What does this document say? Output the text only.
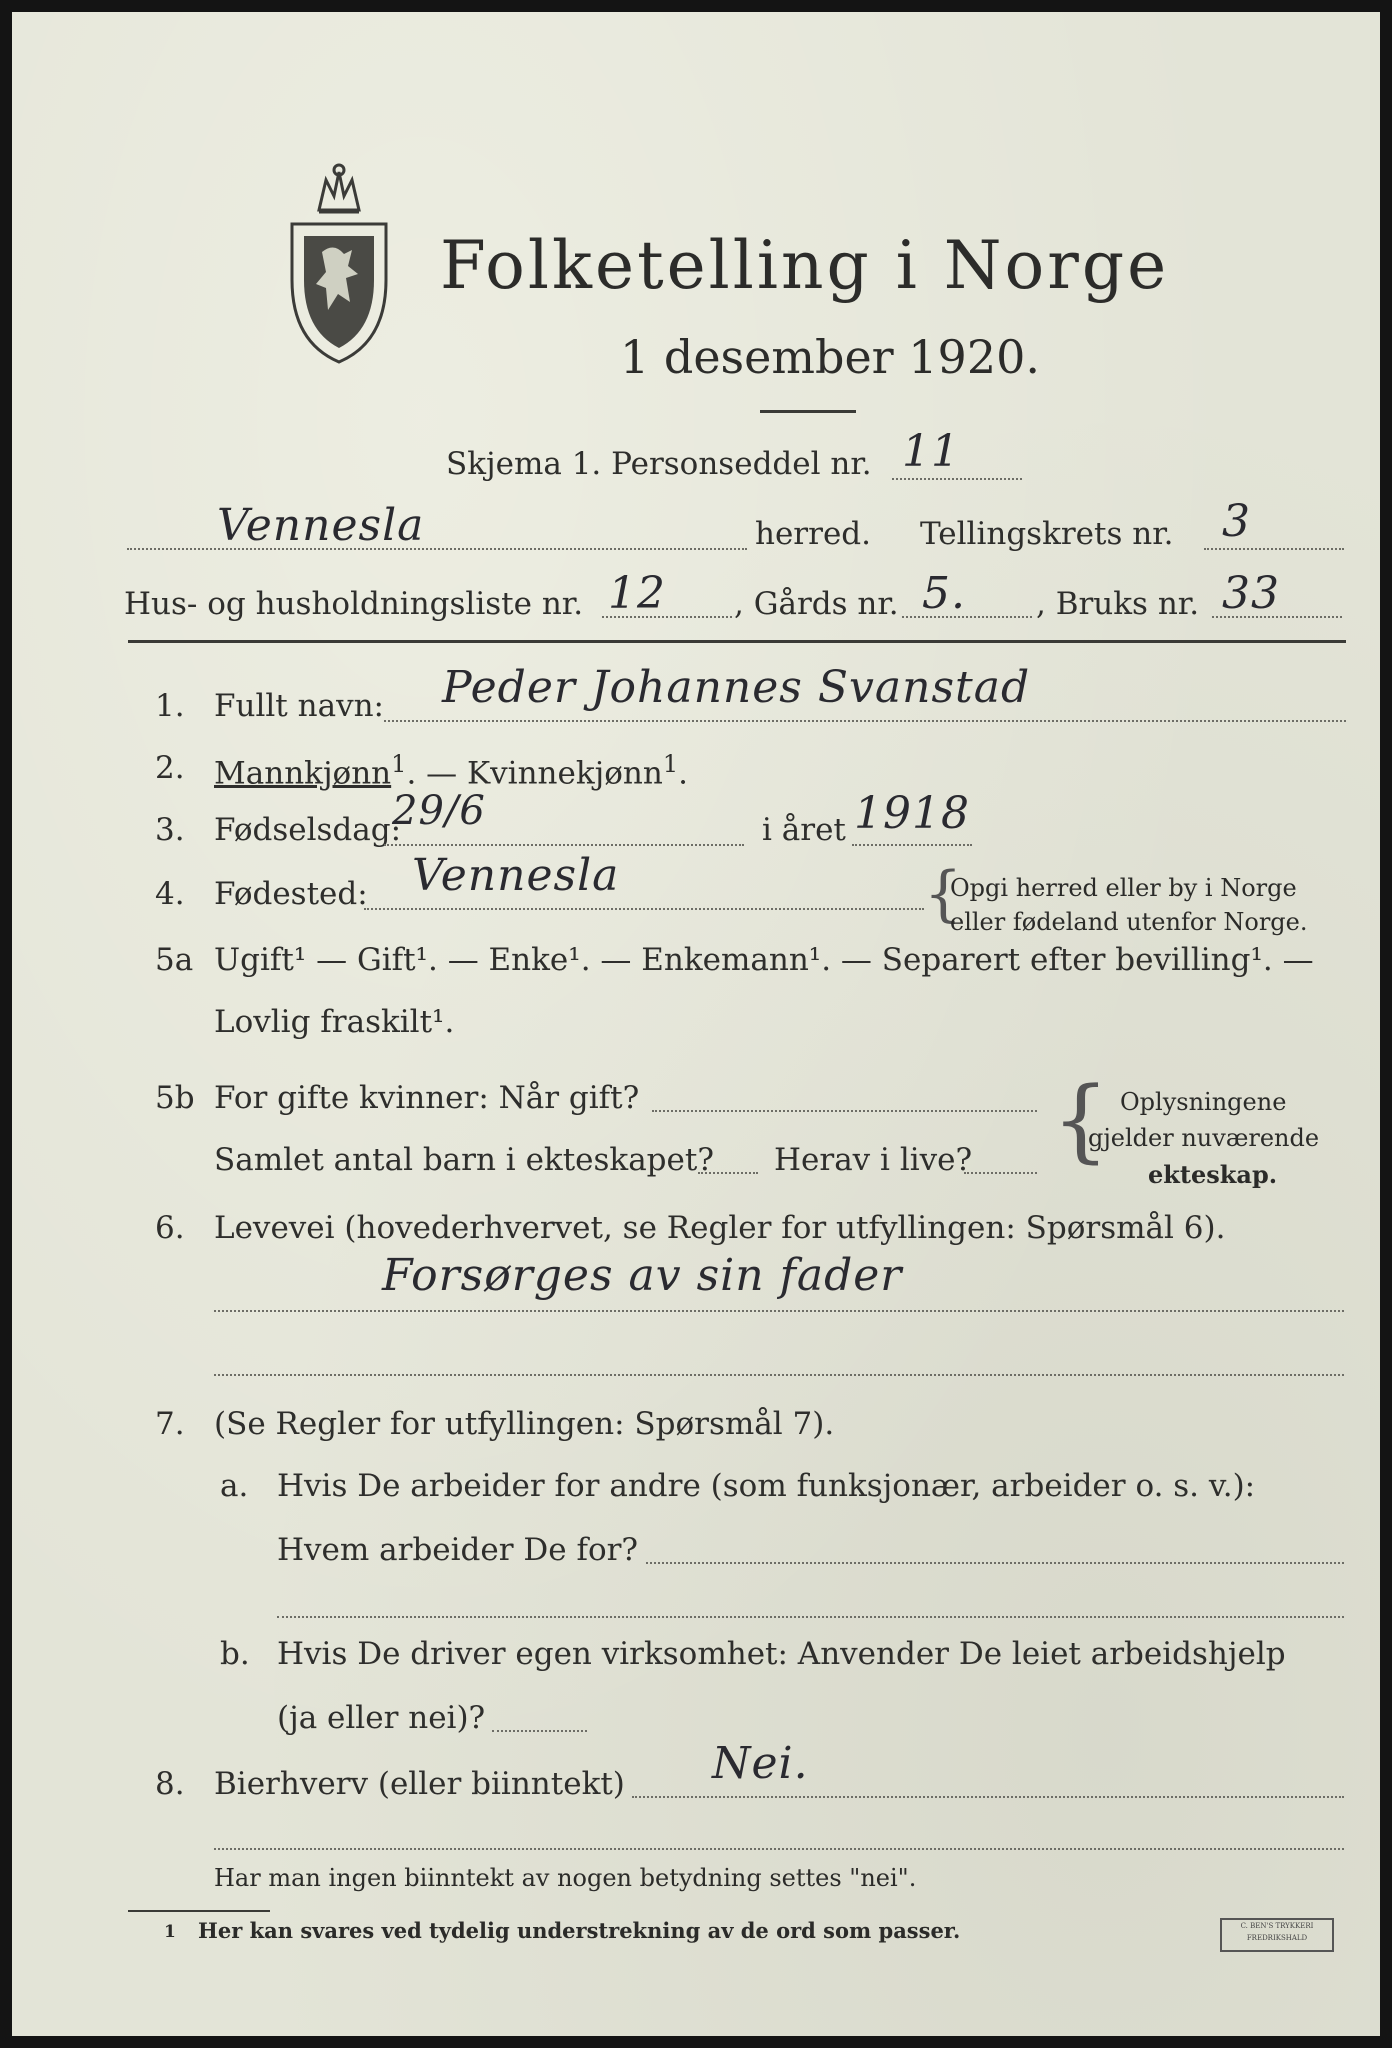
Folketelling i Norge
1 desember 1920.
Skjema 1. Personseddel nr. 11
Vennesla	herred. Tellingskrets nr. 3
Hus- og husholdningsliste nr. 12 , Gårds nr. 5. , Bruks nr. 33
1. Fullt navn: Peder Johannes Svanstad
2. Mannkjønn$^1$. — Kvinnekjønn$^1$.
3. Fødselsdag:
29/6	i året 1918
4. Fødested: Vennesla	{
Opgi herred eller by i Norge
eller fødeland utenfor Norge.
5a Ugift¹ — Gift¹. — Enke¹. — Enkemann¹. — Separert efter bevilling¹. —
Lovlig fraskilt¹.
5b For gifte kvinner: Når gift?
Samlet antal barn i ekteskapet? Herav i live? { Oplysningene
gjelder nuværende
ekteskap.
6. Levevei (hovederhvervet, se Regler for utfyllingen: Spørsmål 6).
Forsørges av sin fader
7. (Se Regler for utfyllingen: Spørsmål 7).
a. Hvis De arbeider for andre (som funksjonær, arbeider o. s. v.):
Hvem arbeider De for?
b. Hvis De driver egen virksomhet: Anvender De leiet arbeidshjelp
(ja eller nei)?
8. Bierhverv (eller biinntekt) Nei.
Har man ingen biinntekt av nogen betydning settes "nei".
1 Her kan svares ved tydelig understrekning av de ord som passer.	C. BEN'S TRYKKERI
FREDRIKSHALD
